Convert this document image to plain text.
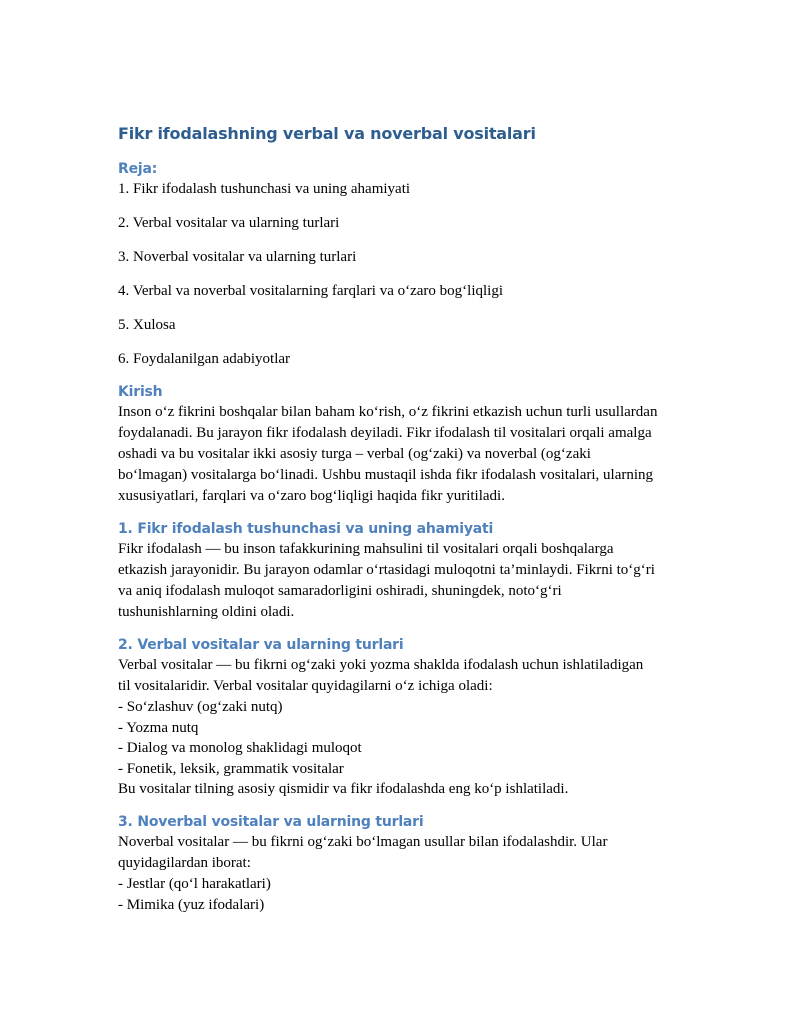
Fikr ifodalashning verbal va noverbal vositalari
Reja:
1. Fikr ifodalash tushunchasi va uning ahamiyati
2. Verbal vositalar va ularning turlari
3. Noverbal vositalar va ularning turlari
4. Verbal va noverbal vositalarning farqlari va o‘zaro bog‘liqligi
5. Xulosa
6. Foydalanilgan adabiyotlar
Kirish
Inson o‘z fikrini boshqalar bilan baham ko‘rish, o‘z fikrini etkazish uchun turli usullardan
foydalanadi. Bu jarayon fikr ifodalash deyiladi. Fikr ifodalash til vositalari orqali amalga
oshadi va bu vositalar ikki asosiy turga – verbal (og‘zaki) va noverbal (og‘zaki
bo‘lmagan) vositalarga bo‘linadi. Ushbu mustaqil ishda fikr ifodalash vositalari, ularning
xususiyatlari, farqlari va o‘zaro bog‘liqligi haqida fikr yuritiladi.
1. Fikr ifodalash tushunchasi va uning ahamiyati
Fikr ifodalash — bu inson tafakkurining mahsulini til vositalari orqali boshqalarga
etkazish jarayonidir. Bu jarayon odamlar o‘rtasidagi muloqotni ta’minlaydi. Fikrni to‘g‘ri
va aniq ifodalash muloqot samaradorligini oshiradi, shuningdek, noto‘g‘ri
tushunishlarning oldini oladi.
2. Verbal vositalar va ularning turlari
Verbal vositalar — bu fikrni og‘zaki yoki yozma shaklda ifodalash uchun ishlatiladigan
til vositalaridir. Verbal vositalar quyidagilarni o‘z ichiga oladi:
- So‘zlashuv (og‘zaki nutq)
- Yozma nutq
- Dialog va monolog shaklidagi muloqot
- Fonetik, leksik, grammatik vositalar
Bu vositalar tilning asosiy qismidir va fikr ifodalashda eng ko‘p ishlatiladi.
3. Noverbal vositalar va ularning turlari
Noverbal vositalar — bu fikrni og‘zaki bo‘lmagan usullar bilan ifodalashdir. Ular
quyidagilardan iborat:
- Jestlar (qo‘l harakatlari)
- Mimika (yuz ifodalari)
